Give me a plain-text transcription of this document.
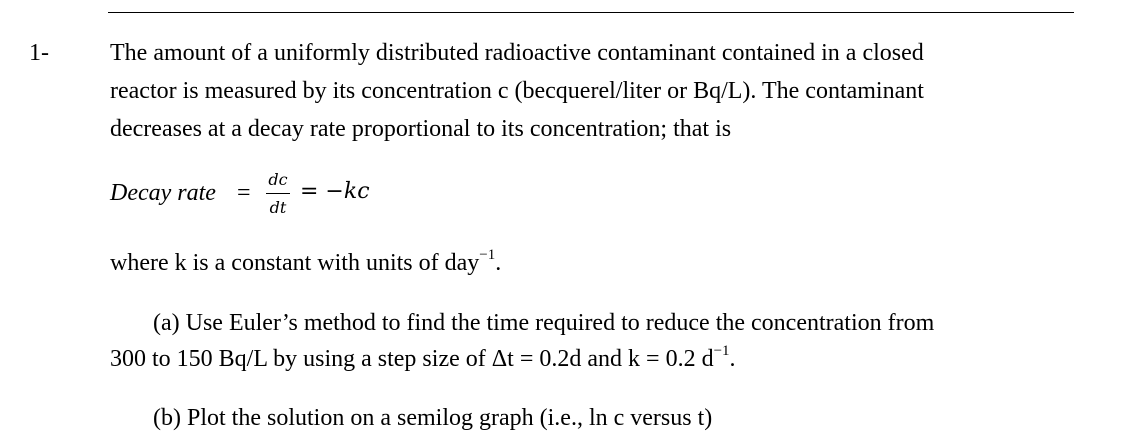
1-	The amount of a uniformly distributed radioactive contaminant contained in a closed
reactor is measured by its concentration c (becquerel/liter or Bq/L). The contaminant
decreases at a decay rate proportional to its concentration; that is
Decay rate =
dc
dt
= −kc
where k is a constant with units of day$^{-1}$.
(a) Use Euler’s method to find the time required to reduce the concentration from
300 to 150 Bq/L by using a step size of Δt = 0.2d and k = 0.2 $d^{-1}$.
(b) Plot the solution on a semilog graph (i.e., ln c versus t)
